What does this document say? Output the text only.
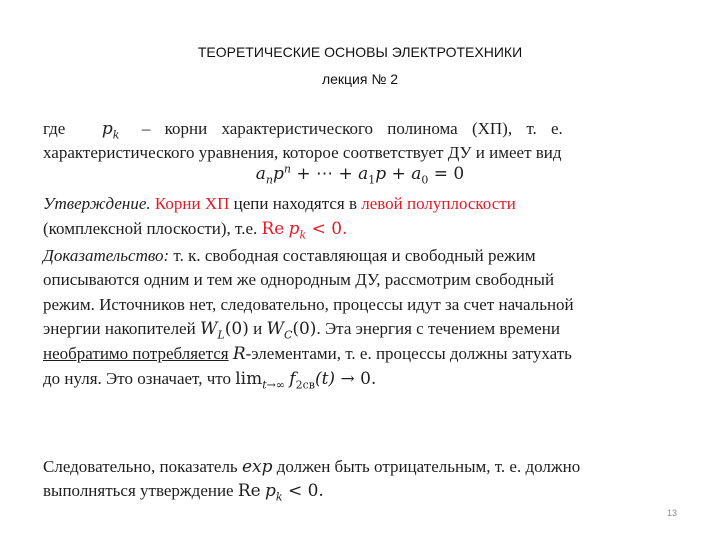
ТЕОРЕТИЧЕСКИЕ ОСНОВЫ ЭЛЕКТРОТЕХНИКИ
лекция № 2
где $p_k$ – корни характеристического полинома (ХП), т. е.
характеристического уравнения, которое соответствует ДУ и имеет вид
$a_np^n$ + ⋯ + $a_1p + a_0 = 0$
Утверждение. Корни ХП цепи находятся в левой полуплоскости
(комплексной плоскости), т.е. Re $p_k < 0$.
Доказательство: т. к. свободная составляющая и свободный режим
описываются одним и тем же однородным ДУ, рассмотрим свободный
режим. Источников нет, следовательно, процессы идут за счет начальной
энергии накопителей $W_L(0)$ и $W_C(0)$. Эта энергия с течением времени
необратимо потребляется R-элементами, т. е. процессы должны затухать
до нуля. Это означает, что $\lim_{t\to\infty} f_{2св}(t) \to 0$.
Следовательно, показатель exp должен быть отрицательным, т. е. должно
выполняться утверждение Re $p_k < 0$.
13
